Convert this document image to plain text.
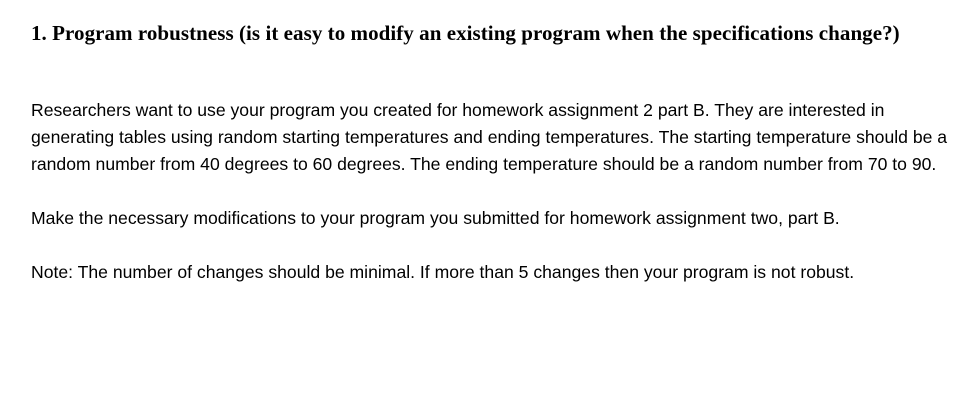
1. Program robustness (is it easy to modify an existing program when the specifications change?)

Researchers want to use your program you created for homework assignment 2 part B. They are interested in generating tables using random starting temperatures and ending temperatures. The starting temperature should be a random number from 40 degrees to 60 degrees. The ending temperature should be a random number from 70 to 90.

Make the necessary modifications to your program you submitted for homework assignment two, part B.

Note: The number of changes should be minimal. If more than 5 changes then your program is not robust.
